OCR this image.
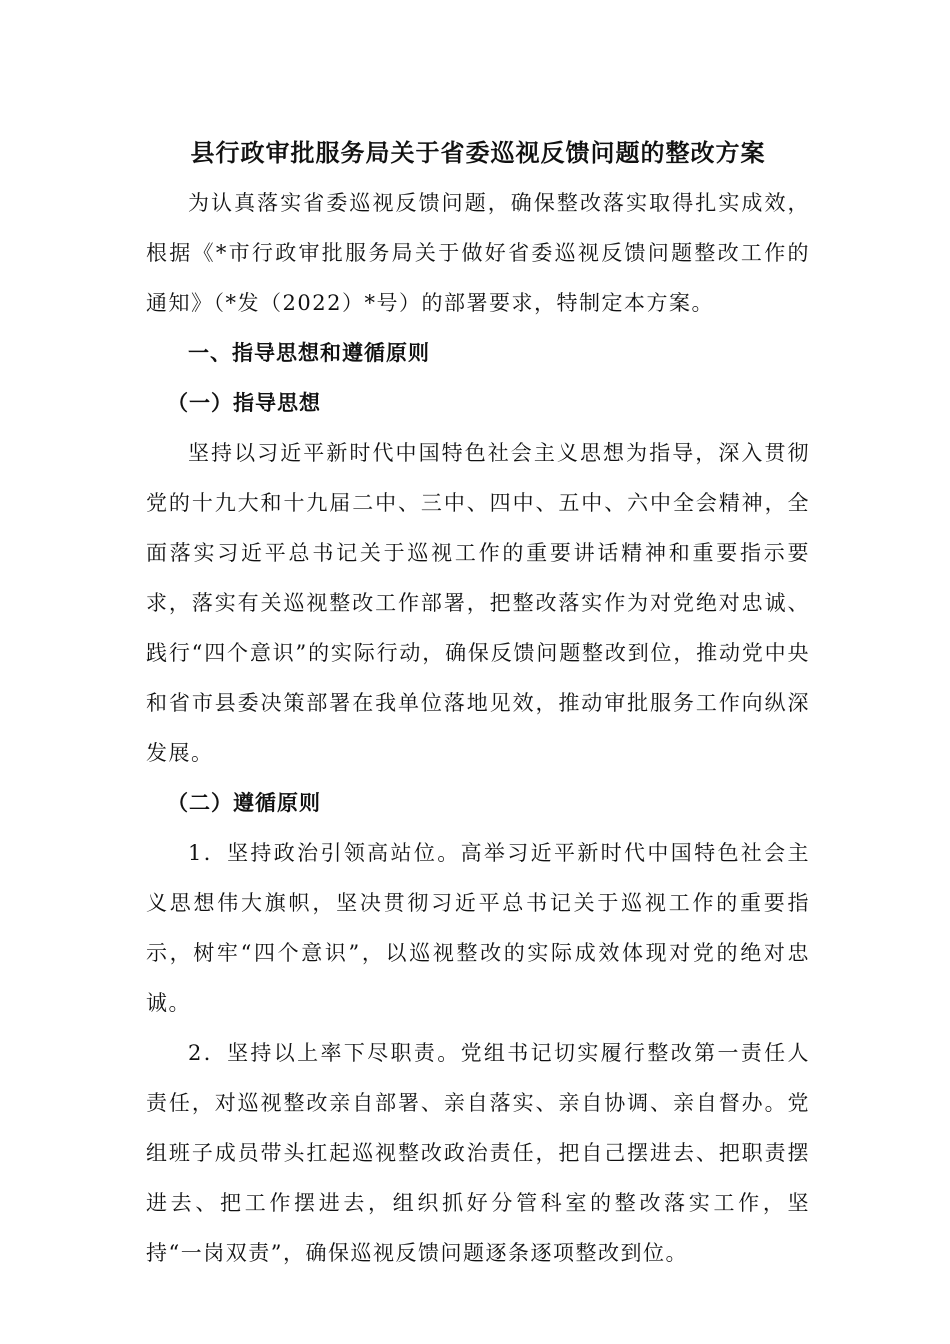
县行政审批服务局关于省委巡视反馈问题的整改方案

为认真落实省委巡视反馈问题，确保整改落实取得扎实成效，根据《*市行政审批服务局关于做好省委巡视反馈问题整改工作的通知》（*发（2022）*号）的部署要求，特制定本方案。

一、指导思想和遵循原则

（一）指导思想

坚持以习近平新时代中国特色社会主义思想为指导，深入贯彻党的十九大和十九届二中、三中、四中、五中、六中全会精神，全面落实习近平总书记关于巡视工作的重要讲话精神和重要指示要求，落实有关巡视整改工作部署，把整改落实作为对党绝对忠诚、践行“四个意识”的实际行动，确保反馈问题整改到位，推动党中央和省市县委决策部署在我单位落地见效，推动审批服务工作向纵深发展。

（二）遵循原则

1．坚持政治引领高站位。高举习近平新时代中国特色社会主义思想伟大旗帜，坚决贯彻习近平总书记关于巡视工作的重要指示，树牢“四个意识”，以巡视整改的实际成效体现对党的绝对忠诚。

2．坚持以上率下尽职责。党组书记切实履行整改第一责任人责任，对巡视整改亲自部署、亲自落实、亲自协调、亲自督办。党组班子成员带头扛起巡视整改政治责任，把自己摆进去、把职责摆进去、把工作摆进去，组织抓好分管科室的整改落实工作，坚持“一岗双责”，确保巡视反馈问题逐条逐项整改到位。
